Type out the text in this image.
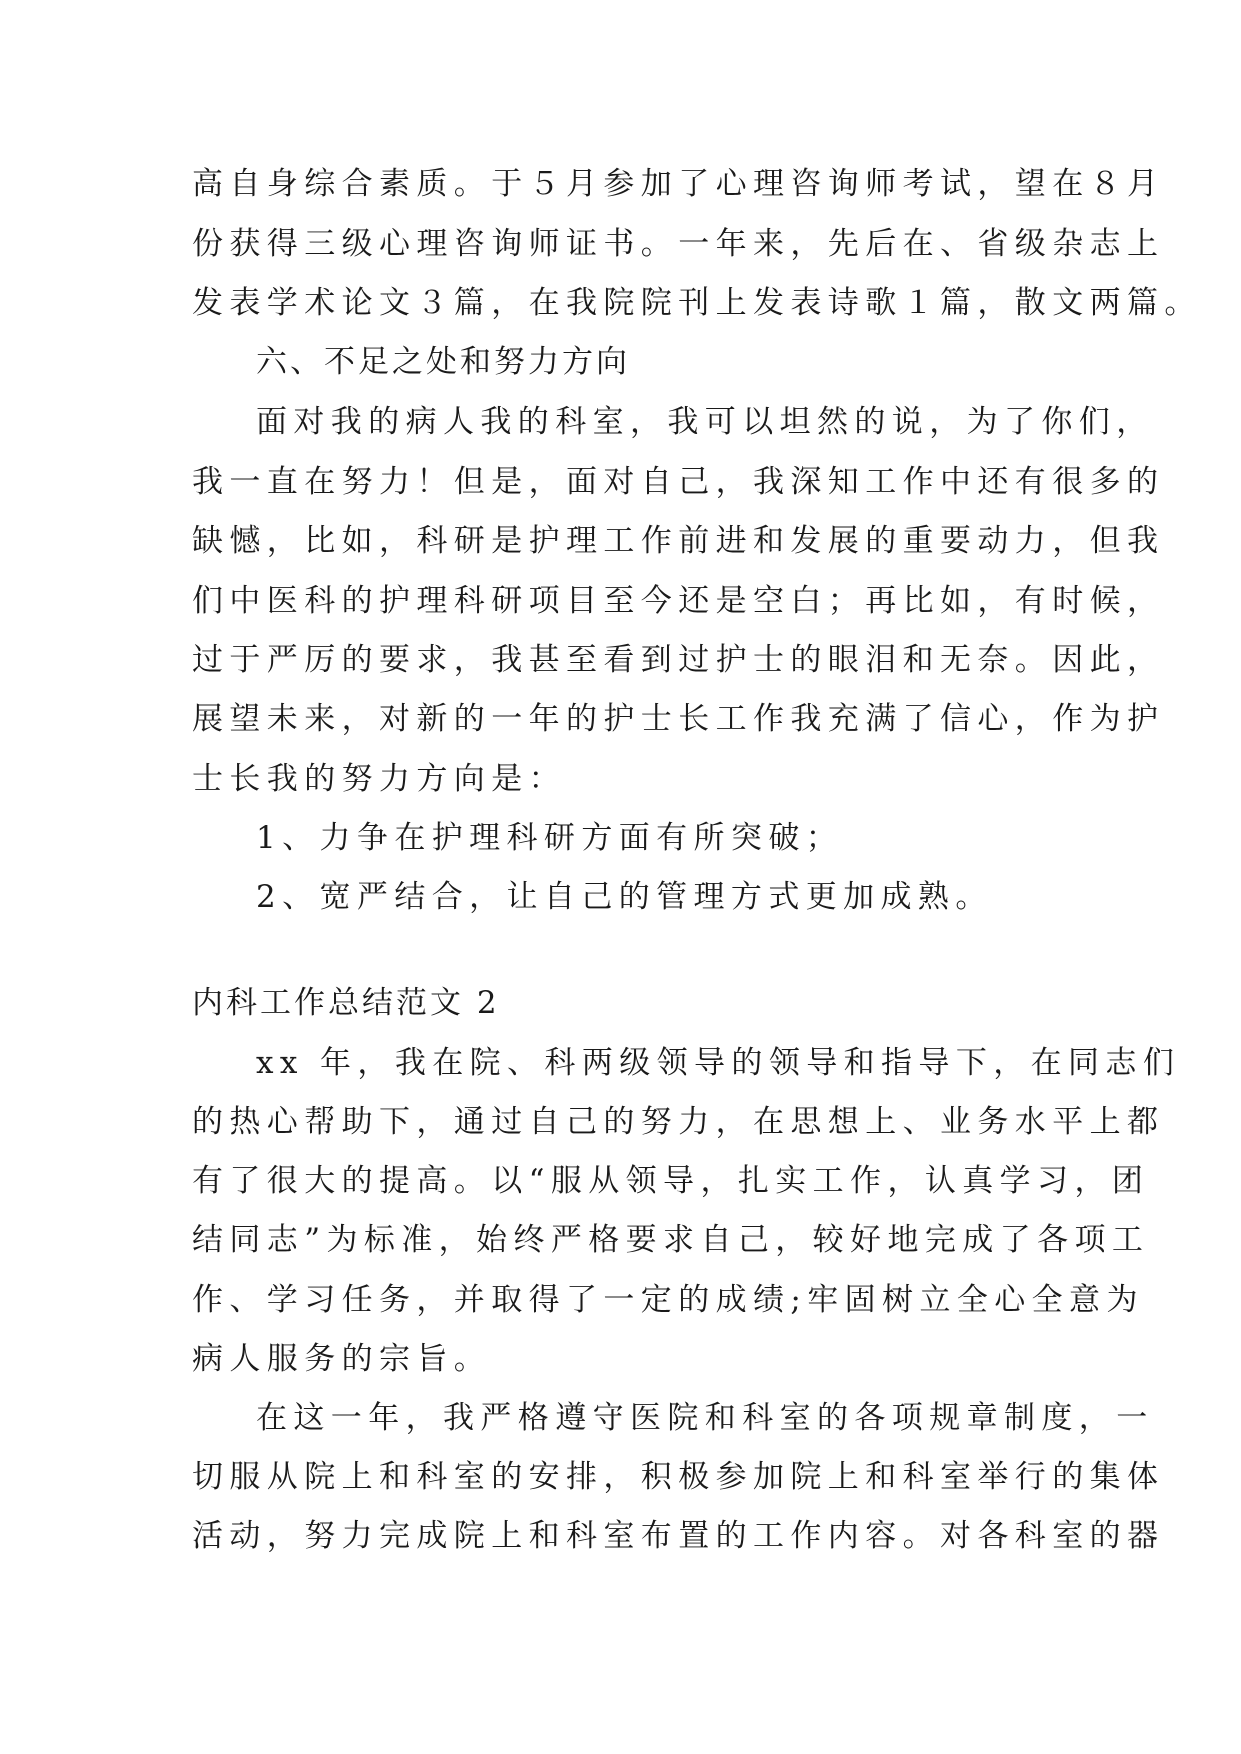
高自身综合素质。于５月参加了心理咨询师考试，望在８月
份获得三级心理咨询师证书。一年来，先后在、省级杂志上
发表学术论文３篇，在我院院刊上发表诗歌１篇，散文两篇。
六、不足之处和努力方向
面对我的病人我的科室，我可以坦然的说，为了你们，
我一直在努力！但是，面对自己，我深知工作中还有很多的
缺憾，比如，科研是护理工作前进和发展的重要动力，但我
们中医科的护理科研项目至今还是空白；再比如，有时候，
过于严厉的要求，我甚至看到过护士的眼泪和无奈。因此，
展望未来，对新的一年的护士长工作我充满了信心，作为护
士长我的努力方向是：
1、力争在护理科研方面有所突破；
2、宽严结合，让自己的管理方式更加成熟。
内科工作总结范文 2
xx 年，我在院、科两级领导的领导和指导下，在同志们
的热心帮助下，通过自己的努力，在思想上、业务水平上都
有了很大的提高。以“服从领导，扎实工作，认真学习，团
结同志”为标准，始终严格要求自己，较好地完成了各项工
作、学习任务，并取得了一定的成绩;牢固树立全心全意为
病人服务的宗旨。
在这一年，我严格遵守医院和科室的各项规章制度，一
切服从院上和科室的安排，积极参加院上和科室举行的集体
活动，努力完成院上和科室布置的工作内容。对各科室的器
